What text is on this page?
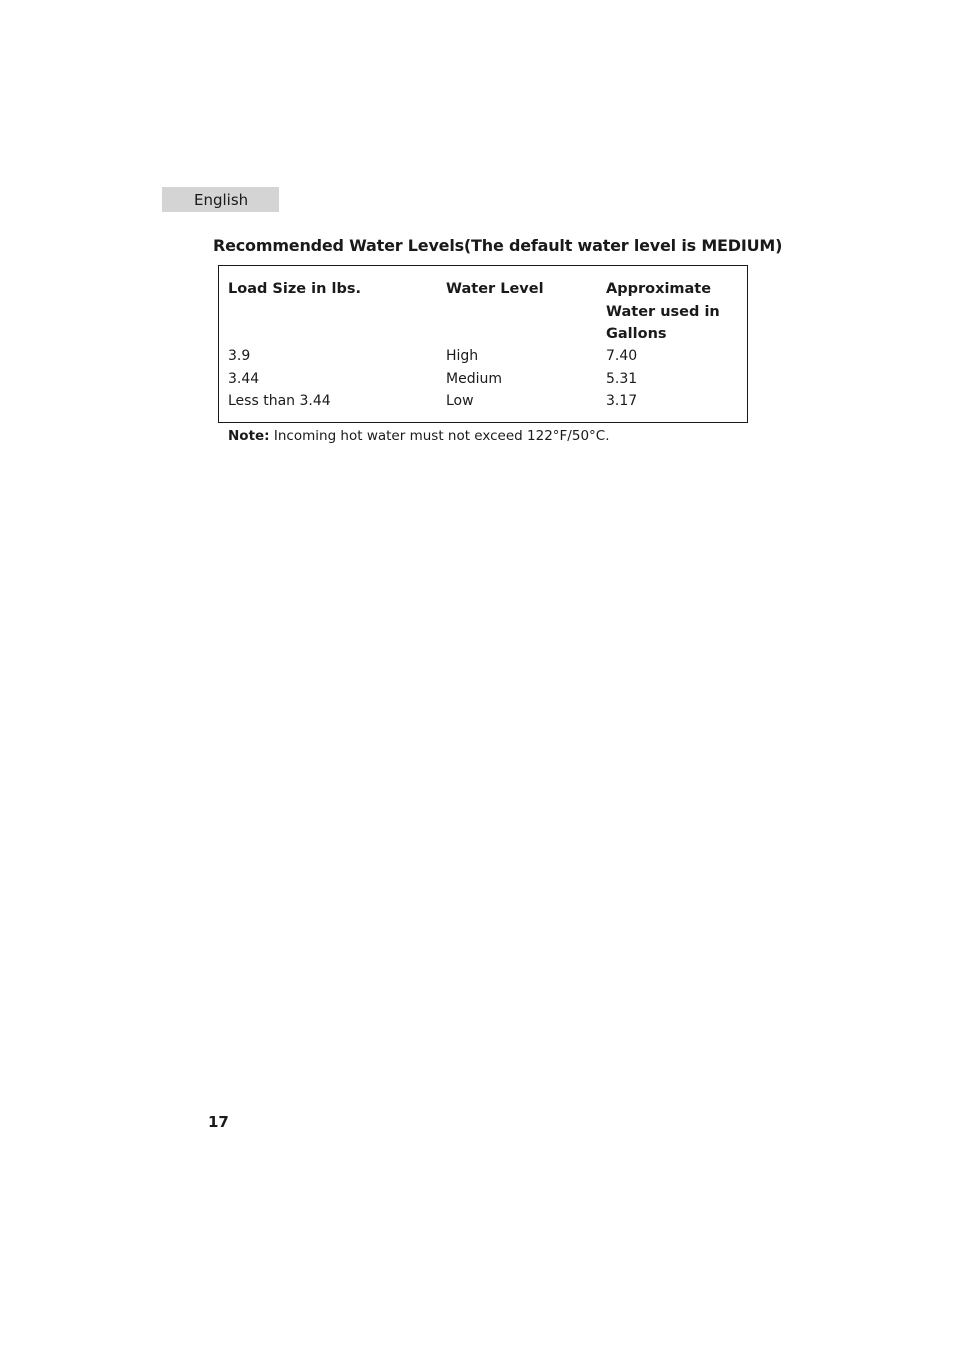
English
Recommended Water Levels(The default water level is MEDIUM)
Load Size in lbs.	Water Level	Approximate
Water used in
Gallons
3.9	High	7.40
3.44	Medium	5.31
Less than 3.44	Low	3.17
Note: Incoming hot water must not exceed 122°F/50°C.
17
